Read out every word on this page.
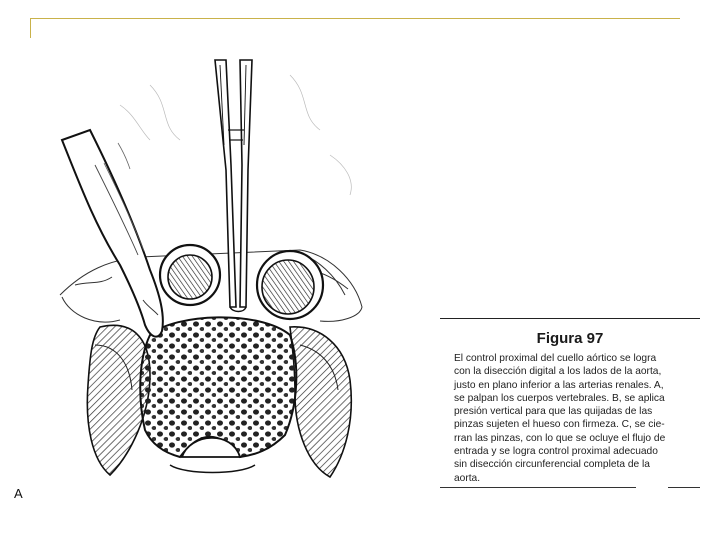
A
Figura 97
El control proximal del cuello aórtico se logra
con la disección digital a los lados de la aorta,
justo en plano inferior a las arterias renales. A,
se palpan los cuerpos vertebrales. B, se aplica
presión vertical para que las quijadas de las
pinzas sujeten el hueso con firmeza. C, se cie-
rran las pinzas, con lo que se ocluye el flujo de
entrada y se logra control proximal adecuado
sin disección circunferencial completa de la
aorta.
